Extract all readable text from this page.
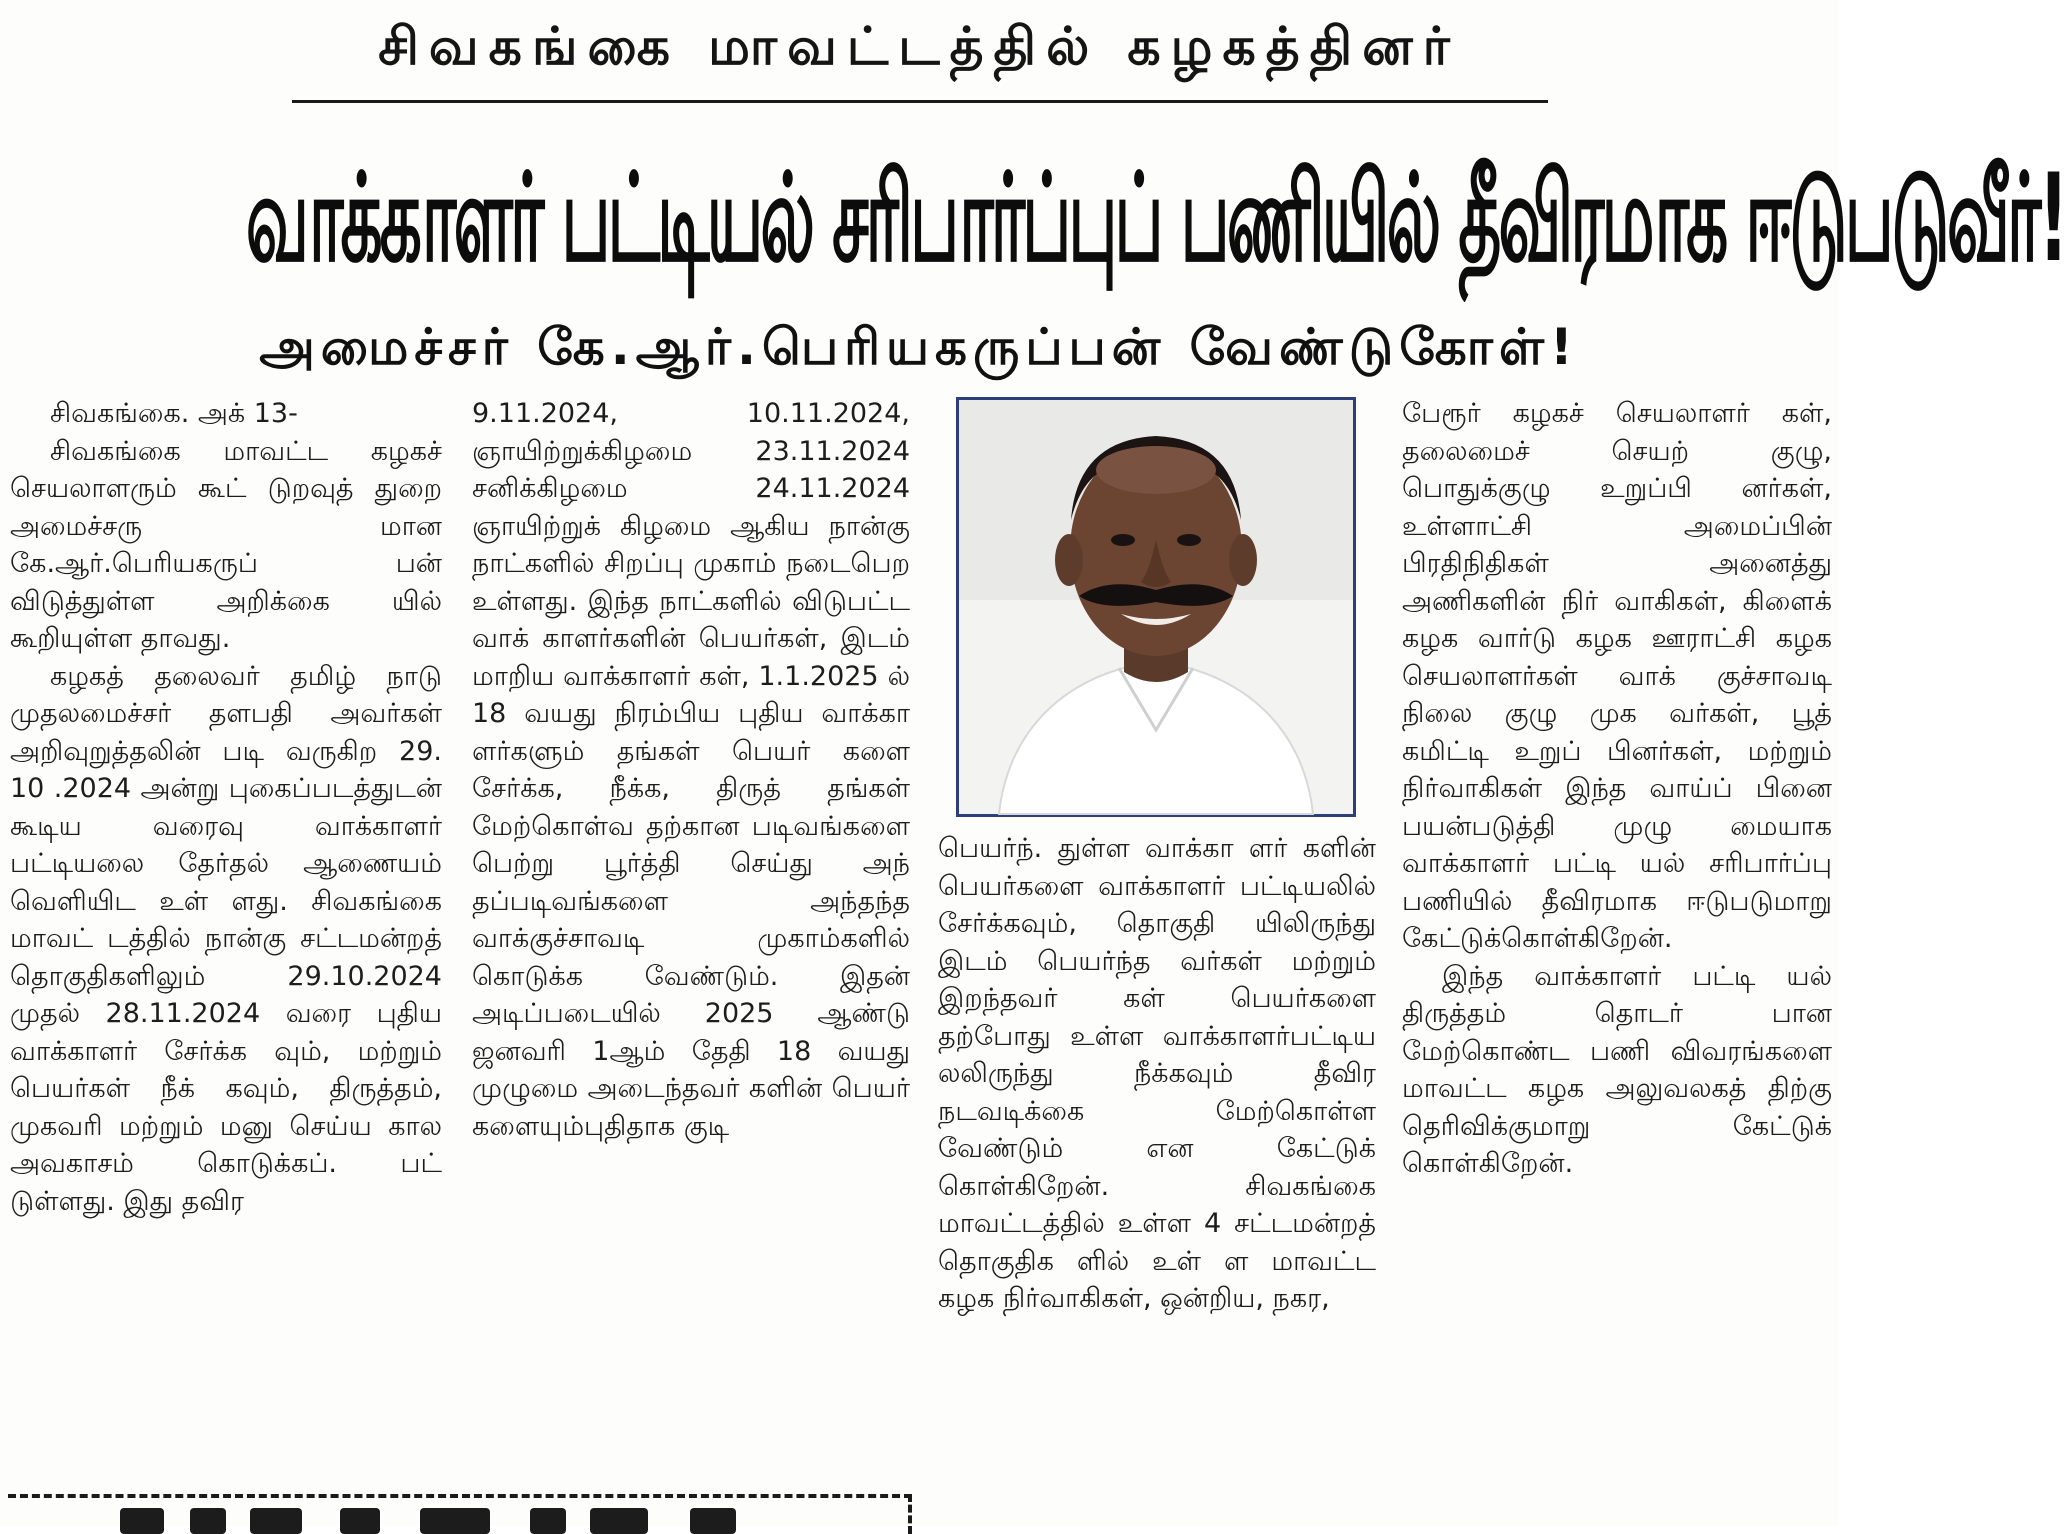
சிவகங்கை மாவட்டத்தில் கழகத்தினர்
வாக்காளர் பட்டியல் சரிபார்ப்புப் பணியில் தீவிரமாக ஈடுபடுவீர்!
அமைச்சர் கே.ஆர்.பெரியகருப்பன் வேண்டுகோள்!

சிவகங்கை. அக் 13-

சிவகங்கை மாவட்ட கழகச் செயலாளரும் கூட் டுறவுத் துறை அமைச்சரு மான கே.ஆர்.பெரியகருப் பன் விடுத்துள்ள அறிக்கை யில் கூறியுள்ள தாவது.

கழகத் தலைவர் தமிழ் நாடு முதலமைச்சர் தளபதி அவர்கள் அறிவுறுத்தலின் படி வருகிற 29. 10 .2024 அன்று புகைப்படத்துடன் கூடிய வரைவு வாக்காளர் பட்டியலை தேர்தல் ஆணையம் வெளியிட உள் ளது. சிவகங்கை மாவட் டத்தில் நான்கு சட்டமன்றத் தொகுதிகளிலும் 29.10.2024 முதல் 28.11.2024 வரை புதிய வாக்காளர் சேர்க்க வும், மற்றும் பெயர்கள் நீக் கவும், திருத்தம், முகவரி மற்றும் மனு செய்ய கால அவகாசம் கொடுக்கப். பட் டுள்ளது. இது தவிர

9.11.2024, 10.11.2024, ஞாயிற்றுக்கிழமை 23.11.2024 சனிக்கிழமை 24.11.2024 ஞாயிற்றுக் கிழமை ஆகிய நான்கு நாட்களில் சிறப்பு முகாம் நடைபெற உள்ளது. இந்த நாட்களில் விடுபட்ட வாக் காளர்களின் பெயர்கள், இடம் மாறிய வாக்காளர் கள், 1.1.2025 ல் 18 வயது நிரம்பிய புதிய வாக்கா ளர்களும் தங்கள் பெயர் களை சேர்க்க, நீக்க, திருத் தங்கள் மேற்கொள்வ தற்கான படிவங்களை பெற்று பூர்த்தி செய்து அந் தப்படிவங்களை அந்தந்த வாக்குச்சாவடி முகாம்களில் கொடுக்க வேண்டும். இதன் அடிப்படையில் 2025 ஆண்டு ஜனவரி 1ஆம் தேதி 18 வயது முழுமை அடைந்தவர் களின் பெயர் களையும்புதிதாக குடி

பெயர்ந். துள்ள வாக்கா ளர் களின் பெயர்களை வாக்காளர் பட்டியலில் சேர்க்கவும், தொகுதி யிலிருந்து இடம் பெயர்ந்த வர்கள் மற்றும் இறந்தவர் கள் பெயர்களை தற்போது உள்ள வாக்காளர்பட்டிய லலிருந்து நீக்கவும் தீவிர நடவடிக்கை மேற்கொள்ள வேண்டும் என கேட்டுக் கொள்கிறேன். சிவகங்கை மாவட்டத்தில் உள்ள 4 சட்டமன்றத் தொகுதிக ளில் உள் ள மாவட்ட கழக நிர்வாகிகள், ஒன்றிய, நகர,

பேரூர் கழகச் செயலாளர் கள், தலைமைச் செயற் குழு, பொதுக்குழு உறுப்பி னர்கள், உள்ளாட்சி அமைப்பின் பிரதிநிதிகள் அனைத்து அணிகளின் நிர் வாகிகள், கிளைக் கழக வார்டு கழக ஊராட்சி கழக செயலாளர்கள் வாக் குச்சாவடி நிலை குழு முக வர்கள், பூத் கமிட்டி உறுப் பினர்கள், மற்றும் நிர்வாகிகள் இந்த வாய்ப் பினை பயன்படுத்தி முழு மையாக வாக்காளர் பட்டி யல் சரிபார்ப்பு பணியில் தீவிரமாக ஈடுபடுமாறு கேட்டுக்கொள்கிறேன்.

இந்த வாக்காளர் பட்டி யல் திருத்தம் தொடர் பான மேற்கொண்ட பணி விவரங்களை மாவட்ட கழக அலுவலகத் திற்கு தெரிவிக்குமாறு கேட்டுக் கொள்கிறேன்.
